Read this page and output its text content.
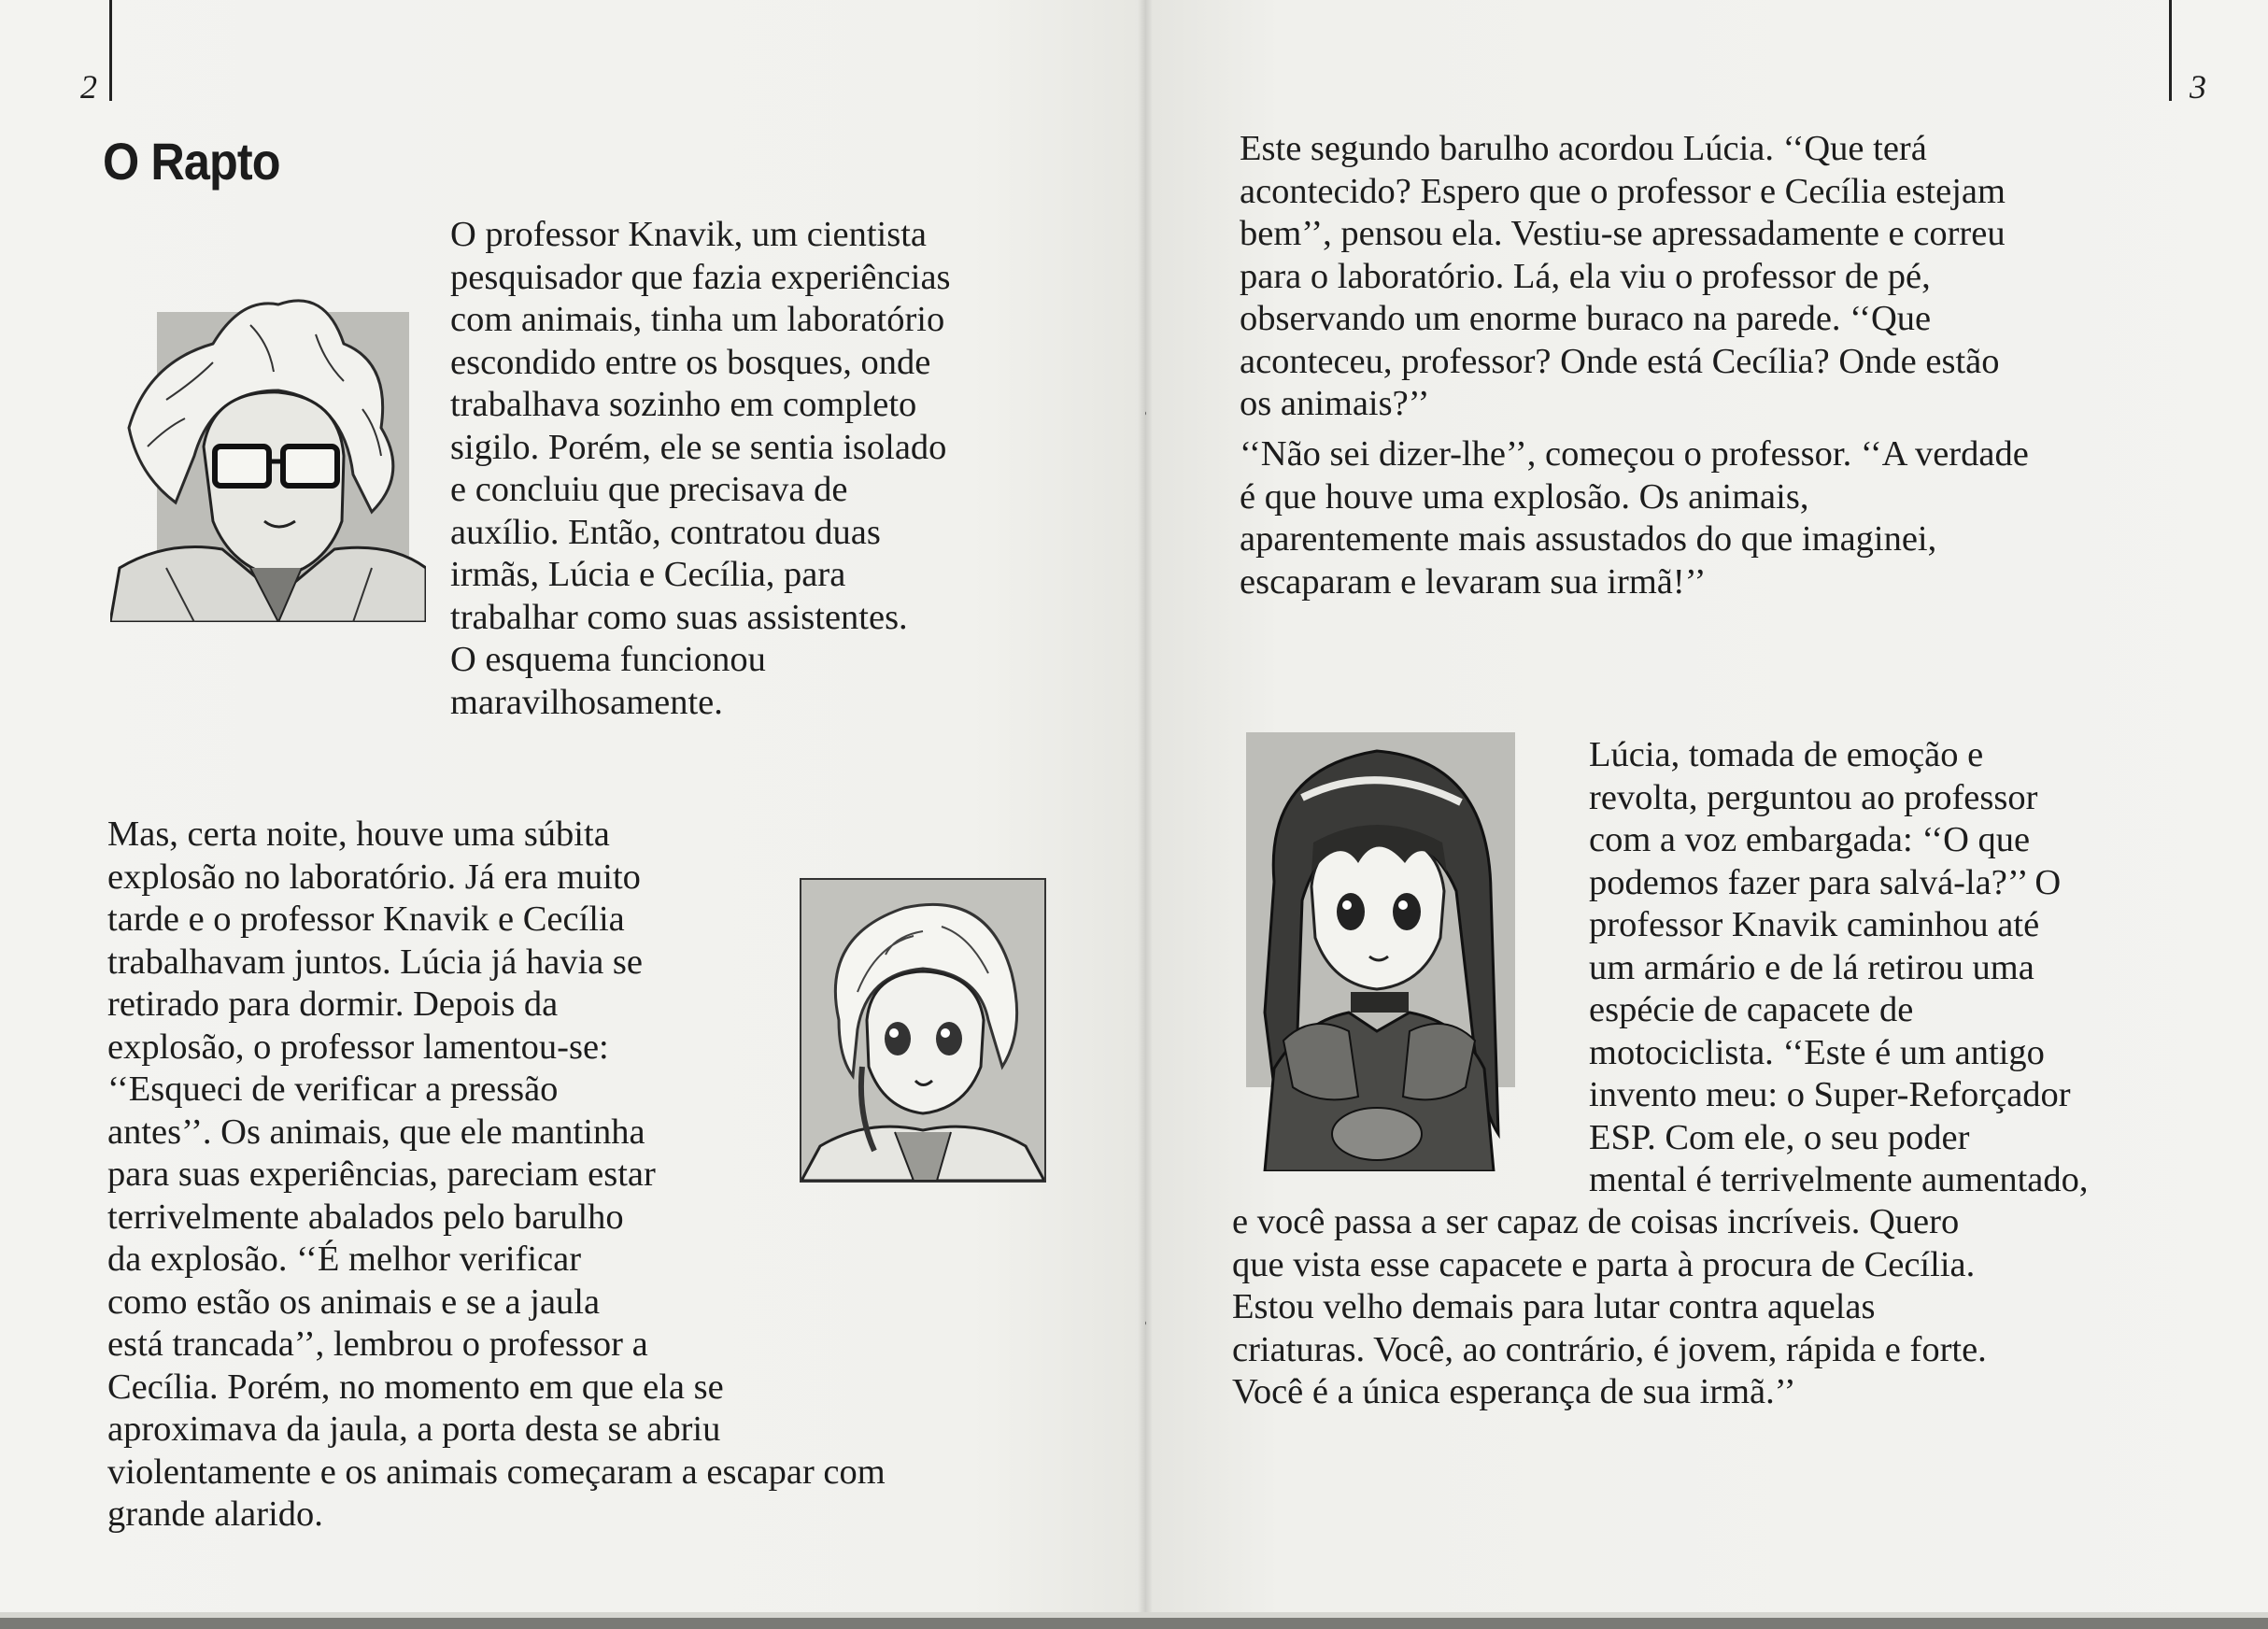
2
O Rapto
O professor Knavik, um cientista
pesquisador que fazia experiências
com animais, tinha um laboratório
escondido entre os bosques, onde
trabalhava sozinho em completo
sigilo. Porém, ele se sentia isolado
e concluiu que precisava de
auxílio. Então, contratou duas
irmãs, Lúcia e Cecília, para
trabalhar como suas assistentes.
O esquema funcionou
maravilhosamente.
Mas, certa noite, houve uma súbita
explosão no laboratório. Já era muito
tarde e o professor Knavik e Cecília
trabalhavam juntos. Lúcia já havia se
retirado para dormir. Depois da
explosão, o professor lamentou-se:
‘‘Esqueci de verificar a pressão
antes’’. Os animais, que ele mantinha
para suas experiências, pareciam estar
terrivelmente abalados pelo barulho
da explosão. ‘‘É melhor verificar
como estão os animais e se a jaula
está trancada’’, lembrou o professor a
Cecília. Porém, no momento em que ela se
aproximava da jaula, a porta desta se abriu
violentamente e os animais começaram a escapar com
grande alarido.
3
Este segundo barulho acordou Lúcia. ‘‘Que terá
acontecido? Espero que o professor e Cecília estejam
bem’’, pensou ela. Vestiu-se apressadamente e correu
para o laboratório. Lá, ela viu o professor de pé,
observando um enorme buraco na parede. ‘‘Que
aconteceu, professor? Onde está Cecília? Onde estão
os animais?’’
‘‘Não sei dizer-lhe’’, começou o professor. ‘‘A verdade
é que houve uma explosão. Os animais,
aparentemente mais assustados do que imaginei,
escaparam e levaram sua irmã!’’
Lúcia, tomada de emoção e
revolta, perguntou ao professor
com a voz embargada: ‘‘O que
podemos fazer para salvá-la?’’ O
professor Knavik caminhou até
um armário e de lá retirou uma
espécie de capacete de
motociclista. ‘‘Este é um antigo
invento meu: o Super-Reforçador
ESP. Com ele, o seu poder
mental é terrivelmente aumentado,
e você passa a ser capaz de coisas incríveis. Quero
que vista esse capacete e parta à procura de Cecília.
Estou velho demais para lutar contra aquelas
criaturas. Você, ao contrário, é jovem, rápida e forte.
Você é a única esperança de sua irmã.’’
